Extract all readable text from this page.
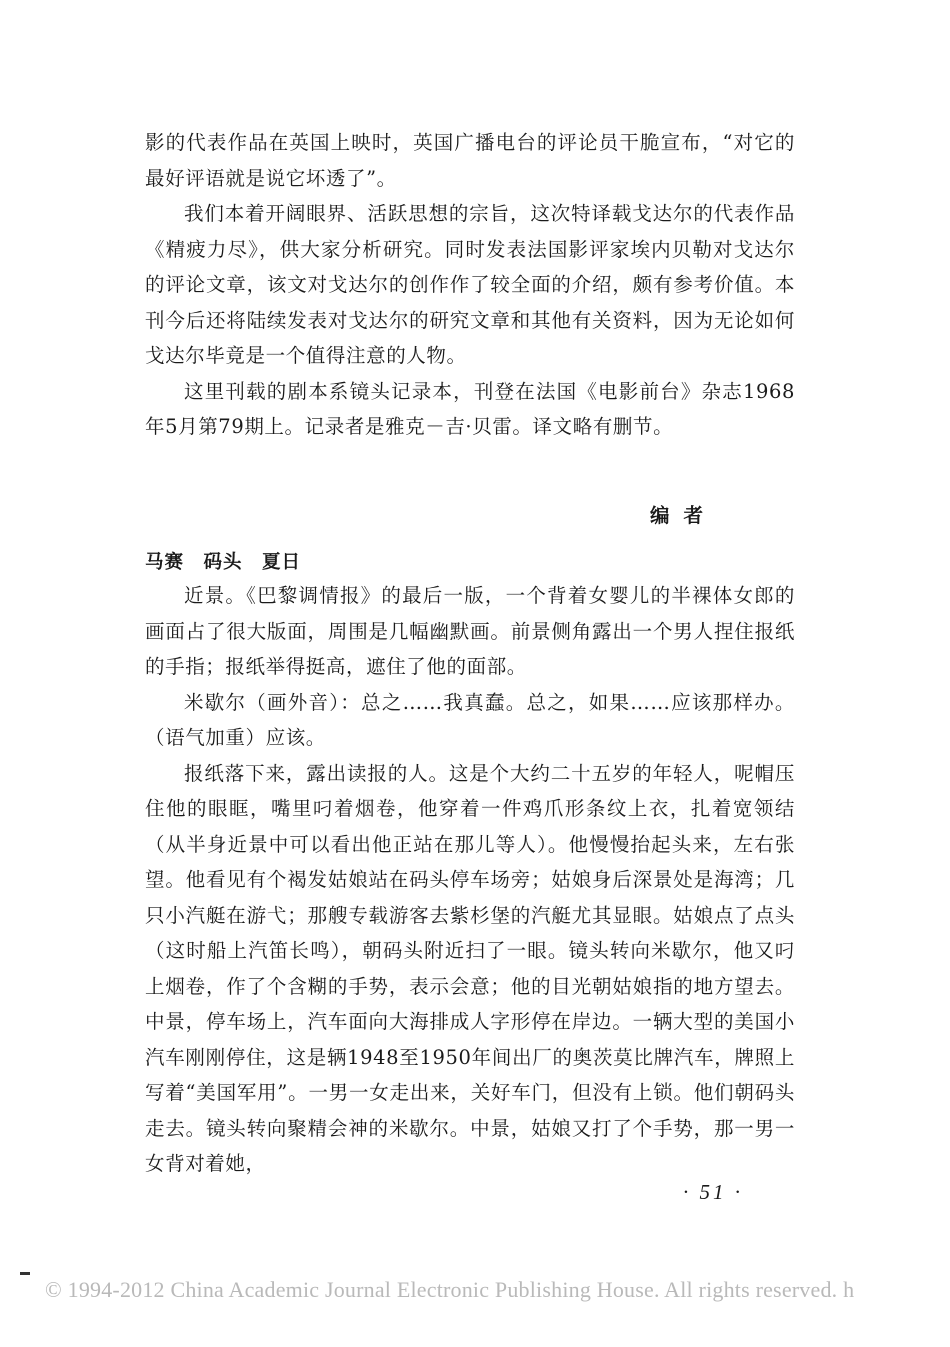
影的代表作品在英国上映时，英国广播电台的评论员干脆宣布，“对它的最好评语就是说它坏透了”。

我们本着开阔眼界、活跃思想的宗旨，这次特译载戈达尔的代表作品《精疲力尽》，供大家分析研究。同时发表法国影评家埃内贝勒对戈达尔的评论文章，该文对戈达尔的创作作了较全面的介绍，颇有参考价值。本刊今后还将陆续发表对戈达尔的研究文章和其他有关资料，因为无论如何戈达尔毕竟是一个值得注意的人物。

这里刊载的剧本系镜头记录本，刊登在法国《电影前台》杂志1968年5月第79期上。记录者是雅克－吉·贝雷。译文略有删节。

编者
马赛　码头　夏日

近景。《巴黎调情报》的最后一版，一个背着女婴儿的半裸体女郎的画面占了很大版面，周围是几幅幽默画。前景侧角露出一个男人捏住报纸的手指；报纸举得挺高，遮住了他的面部。

米歇尔（画外音）：总之……我真蠢。总之，如果……应该那样办。（语气加重）应该。

报纸落下来，露出读报的人。这是个大约二十五岁的年轻人，呢帽压住他的眼眶，嘴里叼着烟卷，他穿着一件鸡爪形条纹上衣，扎着宽领结（从半身近景中可以看出他正站在那儿等人）。他慢慢抬起头来，左右张望。他看见有个褐发姑娘站在码头停车场旁；姑娘身后深景处是海湾；几只小汽艇在游弋；那艘专载游客去紫杉堡的汽艇尤其显眼。姑娘点了点头（这时船上汽笛长鸣），朝码头附近扫了一眼。镜头转向米歇尔，他又叼上烟卷，作了个含糊的手势，表示会意；他的目光朝姑娘指的地方望去。中景，停车场上，汽车面向大海排成人字形停在岸边。一辆大型的美国小汽车刚刚停住，这是辆1948至1950年间出厂的奥茨莫比牌汽车，牌照上写着“美国军用”。一男一女走出来，关好车门，但没有上锁。他们朝码头走去。镜头转向聚精会神的米歇尔。中景，姑娘又打了个手势，那一男一女背对着她，

· 51 ·
© 1994-2012 China Academic Journal Electronic Publishing House. All rights reserved. h
